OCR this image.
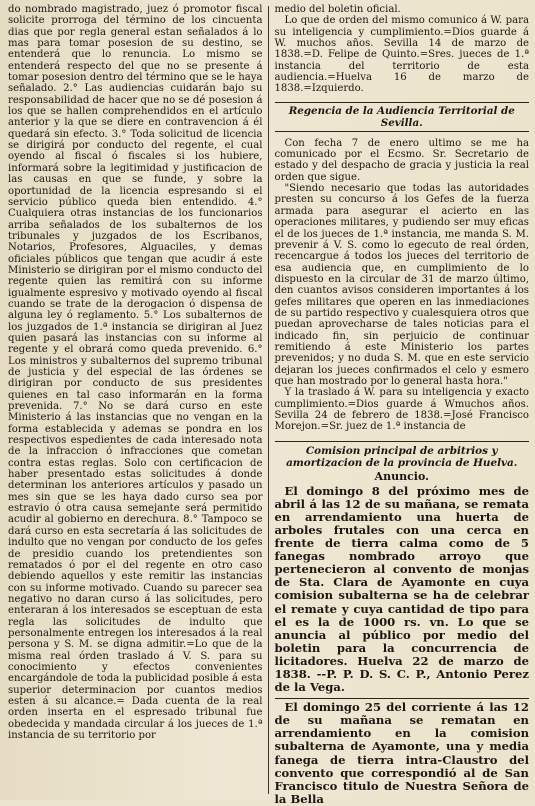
do nombrado magistrado, juez ó promotor fiscal solicite prorroga del término de los cincuenta dias que por regla general estan señalados á lo mas para tomar posesion de su destino, se entenderá que lo renuncia. Lo mismo se entenderá respecto del que no se presente á tomar posesion dentro del término que se le haya señalado. 2.° Las audiencias cuidarán bajo su responsabilidad de hacer que no se dé posesion á los que se hallen comprehendidos en el artículo anterior y la que se diere en contravencion á él quedará sin efecto. 3.° Toda solicitud de licencia se dirigirá por conducto del regente, el cual oyendo al fiscal ó fiscales si los hubiere, informará sobre la legitimidad y justificacion de las causas en que se funde, y sobre la oportunidad de la licencia espresando si el servicio público queda bien entendido. 4.° Cualquiera otras instancias de los funcionarios arriba señalados de los subalternos de los tribunales y juzgados de los Escribanos, Notarios, Profesores, Alguaciles, y demas oficiales públicos que tengan que acudir á este Ministerio se dirigiran por el mismo conducto del regente quien las remitirá con su informe igualmente espresivo y motivado oyendo al fiscal cuando se trate de la derogacion ó dispensa de alguna ley ó reglamento. 5.° Los subalternos de los juzgados de 1.ª instancia se dirigiran al Juez quien pasará las instancias con su informe al regente y el obrará como queda prevenido. 6.° Los ministros y subalternos del supremo tribunal de justicia y del especial de las órdenes se dirigiran por conducto de sus presidentes quienes en tal caso informarán en la forma prevenida. 7.° No se dará curso en este Ministerio á las instancias que no vengan en la forma establecida y ademas se pondra en los respectivos espedientes de cada interesado nota de la infraccion ó infracciones que cometan contra estas reglas. Solo con certificacion de haber presentado estas solicitudes á donde determinan los anteriores artículos y pasado un mes sin que se les haya dado curso sea por estravio ó otra causa semejante será permitido acudir al gobierno en derechura. 8.° Tampoco se dará curso en esta secretaría á las solicitudes de indulto que no vengan por conducto de los gefes de presidio cuando los pretendientes son rematados ó por el del regente en otro caso debiendo aquellos y este remitir las instancias con su informe motivado. Cuando su parecer sea negativo no daran curso á las solicitudes, pero enteraran á los interesados se esceptuan de esta regla las solicitudes de indulto que personalmente entregen los interesados á la real persona y S. M. se digna admitir.=Lo que de la misma real órden traslado á V. S. para su conocimiento y efectos convenientes encargándole de toda la publicidad posible á esta superior determinacion por cuantos medios esten á su alcance.= Dada cuenta de la real orden inserta en el espresado tribunal fue obedecida y mandada circular á los jueces de 1.ª instancia de su territorio por

medio del boletin oficial.

Lo que de orden del mismo comunico á W. para su inteligencia y cumplimiento.=Dios guarde á W. muchos años. Sevilla 14 de marzo de 1838.=D. Felipe de Quinto.=Sres. jueces de 1.ª instancia del territorio de esta audiencia.=Huelva 16 de marzo de 1838.=Izquierdo.

Regencia de la Audiencia Territorial de Sevilla.

Con fecha 7 de enero ultimo se me ha comunicado por el Ecsmo. Sr. Secretario de estado y del despacho de gracia y justicia la real orden que sigue.

"Siendo necesario que todas las autoridades presten su concurso á los Gefes de la fuerza armada para asegurar el acierto en las operaciones militares, y pudiendo ser muy eficas el de los jueces de 1.ª instancia, me manda S. M. prevenir á V. S. como lo egecuto de real órden, recencargue á todos los jueces del territorio de esa audiencia que, en cumplimiento de lo dispuesto en la circular de 31 de marzo último, den cuantos avisos consideren importantes á los gefes militares que operen en las inmediaciones de su partido respectivo y cualesquiera otros que puedan aprovecharse de tales noticias para el indicado fin, sin perjuicio de continuar remitiendo á este Ministerio los partes prevenidos; y no duda S. M. que en este servicio dejaran los jueces confirmados el celo y esmero que han mostrado por lo general hasta hora."

Y la traslado á W. para su inteligencia y exacto cumplimiento.=Dios guarde á Wmuchos años. Sevilla 24 de febrero de 1838.=José Francisco Morejon.=Sr. juez de 1.ª instancia de

Comision principal de arbitrios y amortizacion de la provincia de Huelva.
Anuncio.

El domingo 8 del próximo mes de abril á las 12 de su mañana, se remata en arrendamiento una huerta de arboles frutales con una cerca en frente de tierra calma como de 5 fanegas nombrado arroyo que pertenecieron al convento de monjas de Sta. Clara de Ayamonte en cuya comision subalterna se ha de celebrar el remate y cuya cantidad de tipo para el es la de 1000 rs. vn. Lo que se anuncia al público por medio del boletin para la concurrencia de licitadores. Huelva 22 de marzo de 1838. --P. P. D. S. C. P., Antonio Perez de la Vega.

El domingo 25 del corriente á las 12 de su mañana se rematan en arrendamiento en la comision subalterna de Ayamonte, una y media fanega de tierra intra-Claustro del convento que correspondió al de San Francisco titulo de Nuestra Señora de la Bella
